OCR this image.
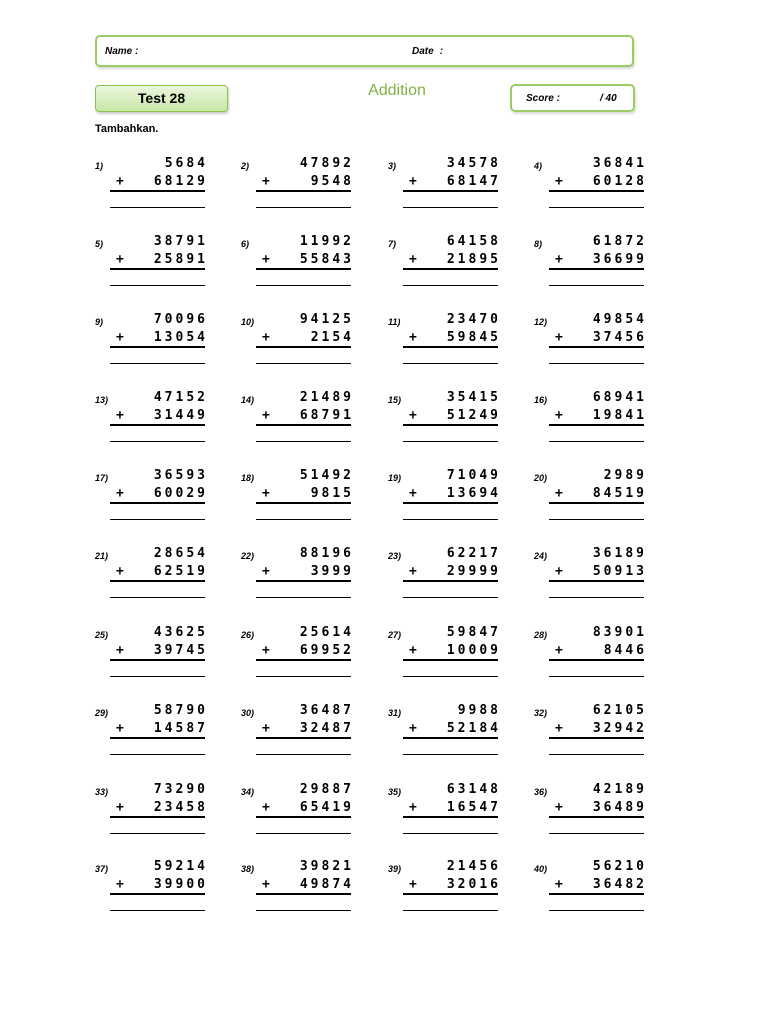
Name :	Date :
Test 28	Addition	Score :	/ 40
Tambahkan.
1)	5684
+ 68129
2)	47892
+	9548
3)	34578
+ 68147
4)	36841
+ 60128
5)	38791
+ 25891
6)	11992
+ 55843
7)	64158
+ 21895
8)	61872
+ 36699
9)	70096
+ 13054
10)	94125
+	2154
11)	23470
+ 59845
12)	49854
+ 37456
13)	47152
+ 31449
14)	21489
+ 68791
15)	35415
+ 51249
16)	68941
+ 19841
17)	36593
+ 60029
18)	51492
+	9815
19)	71049
+ 13694
20)	2989
+ 84519
21)	28654
+ 62519
22)	88196
+	3999
23)	62217
+ 29999
24)	36189
+ 50913
25)	43625
+ 39745
26)	25614
+ 69952
27)	59847
+ 10009
28)	83901
+	8446
29)	58790
+ 14587
30)	36487
+ 32487
31)	9988
+ 52184
32)	62105
+ 32942
33)	73290
+ 23458
34)	29887
+ 65419
35)	63148
+ 16547
36)	42189
+ 36489
37)	59214
+ 39900
38)	39821
+ 49874
39)	21456
+ 32016
40)	56210
+ 36482
